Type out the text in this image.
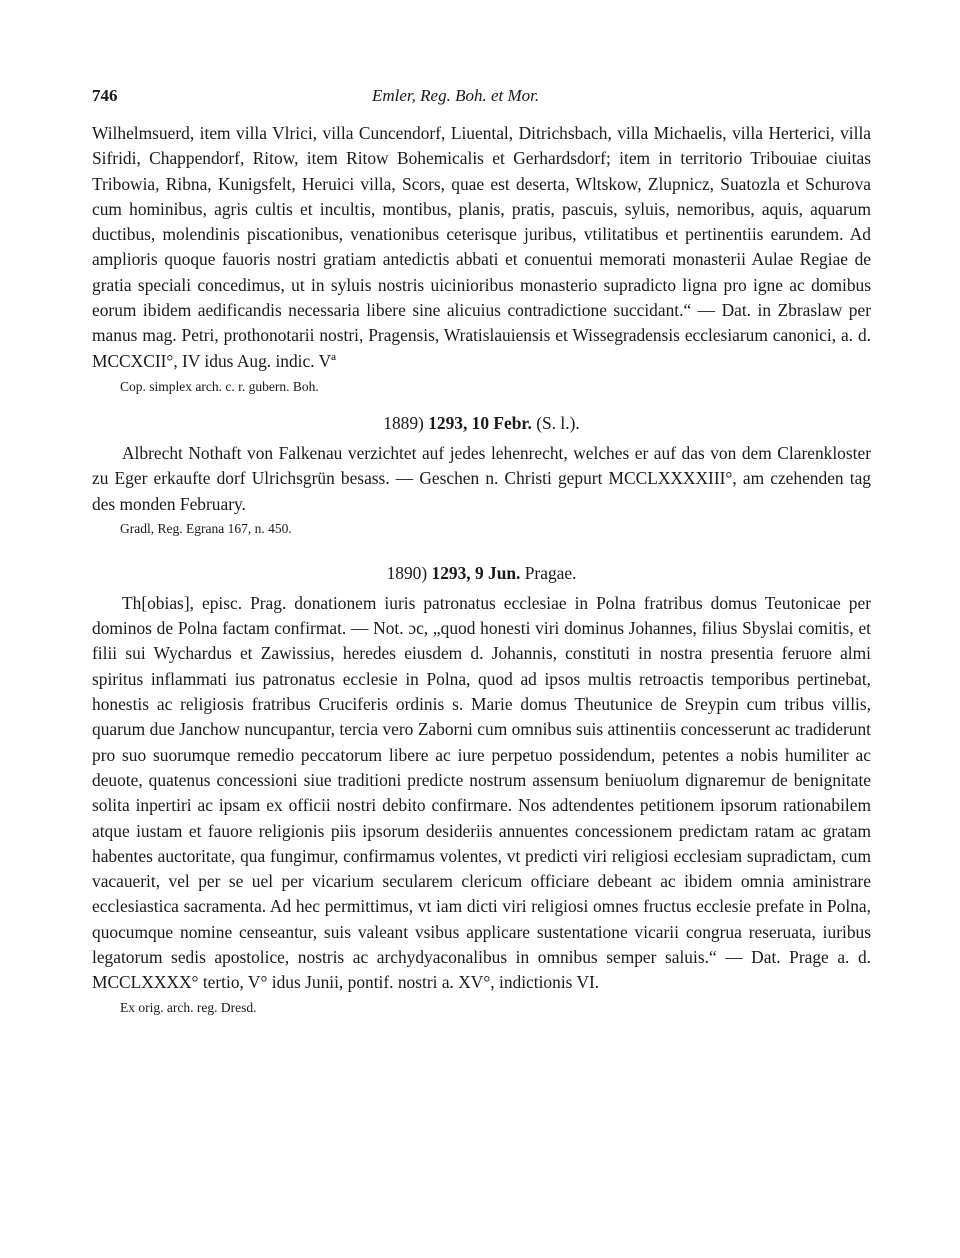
746	Emler, Reg. Boh. et Mor.

Wilhelmsuerd, item villa Vlrici, villa Cuncendorf, Liuental, Ditrichsbach, villa Michaelis, villa Herterici, villa Sifridi, Chappendorf, Ritow, item Ritow Bohemicalis et Gerhardsdorf; item in territorio Tribouiae ciuitas Tribowia, Ribna, Kunigsfelt, Heruici villa, Scors, quae est deserta, Wltskow, Zlupnicz, Suatozla et Schurova cum hominibus, agris cultis et incultis, montibus, planis, pratis, pascuis, syluis, nemoribus, aquis, aquarum ductibus, molendinis piscationibus, venationibus ceterisque juribus, vtilitatibus et pertinentiis earundem. Ad amplioris quoque fauoris nostri gratiam antedictis abbati et conuentui memorati monasterii Aulae Regiae de gratia speciali concedimus, ut in syluis nostris uicinioribus monasterio supradicto ligna pro igne ac domibus eorum ibidem aedificandis necessaria libere sine alicuius contradictione succidant.“ — Dat. in Zbraslaw per manus mag. Petri, prothonotarii nostri, Pragensis, Wratislauiensis et Wissegradensis ecclesiarum canonici, a. d. MCCXCII°, IV idus Aug. indic. Vª

Cop. simplex arch. c. r. gubern. Boh.
1889) 1293, 10 Febr. (S. l.).

Albrecht Nothaft von Falkenau verzichtet auf jedes lehenrecht, welches er auf das von dem Clarenkloster zu Eger erkaufte dorf Ulrichsgrün besass. — Geschen n. Christi gepurt MCCLXXXXIII°, am czehenden tag des monden February.

Gradl, Reg. Egrana 167, n. 450.
1890) 1293, 9 Jun. Pragae.

Th[obias], episc. Prag. donationem iuris patronatus ecclesiae in Polna fratribus domus Teutonicae per dominos de Polna factam confirmat. — Not. ɔc, „quod honesti viri dominus Johannes, filius Sbyslai comitis, et filii sui Wychardus et Zawissius, heredes eiusdem d. Johannis, constituti in nostra presentia feruore almi spiritus inflammati ius patronatus ecclesie in Polna, quod ad ipsos multis retroactis temporibus pertinebat, honestis ac religiosis fratribus Cruciferis ordinis s. Marie domus Theutunice de Sreypin cum tribus villis, quarum due Janchow nuncupantur, tercia vero Zaborni cum omnibus suis attinentiis concesserunt ac tradiderunt pro suo suorumque remedio peccatorum libere ac iure perpetuo possidendum, petentes a nobis humiliter ac deuote, quatenus concessioni siue traditioni predicte nostrum assensum beniuolum dignaremur de benignitate solita inpertiri ac ipsam ex officii nostri debito confirmare. Nos adtendentes petitionem ipsorum rationabilem atque iustam et fauore religionis piis ipsorum desideriis annuentes concessionem predictam ratam ac gratam habentes auctoritate, qua fungimur, confirmamus volentes, vt predicti viri religiosi ecclesiam supradictam, cum vacauerit, vel per se uel per vicarium secularem clericum officiare debeant ac ibidem omnia aministrare ecclesiastica sacramenta. Ad hec permittimus, vt iam dicti viri religiosi omnes fructus ecclesie prefate in Polna, quocumque nomine censeantur, suis valeant vsibus applicare sustentatione vicarii congrua reseruata, iuribus legatorum sedis apostolice, nostris ac archydyaconalibus in omnibus semper saluis.“ — Dat. Prage a. d. MCCLXXXX° tertio, V° idus Junii, pontif. nostri a. XV°, indictionis VI.

Ex orig. arch. reg. Dresd.
